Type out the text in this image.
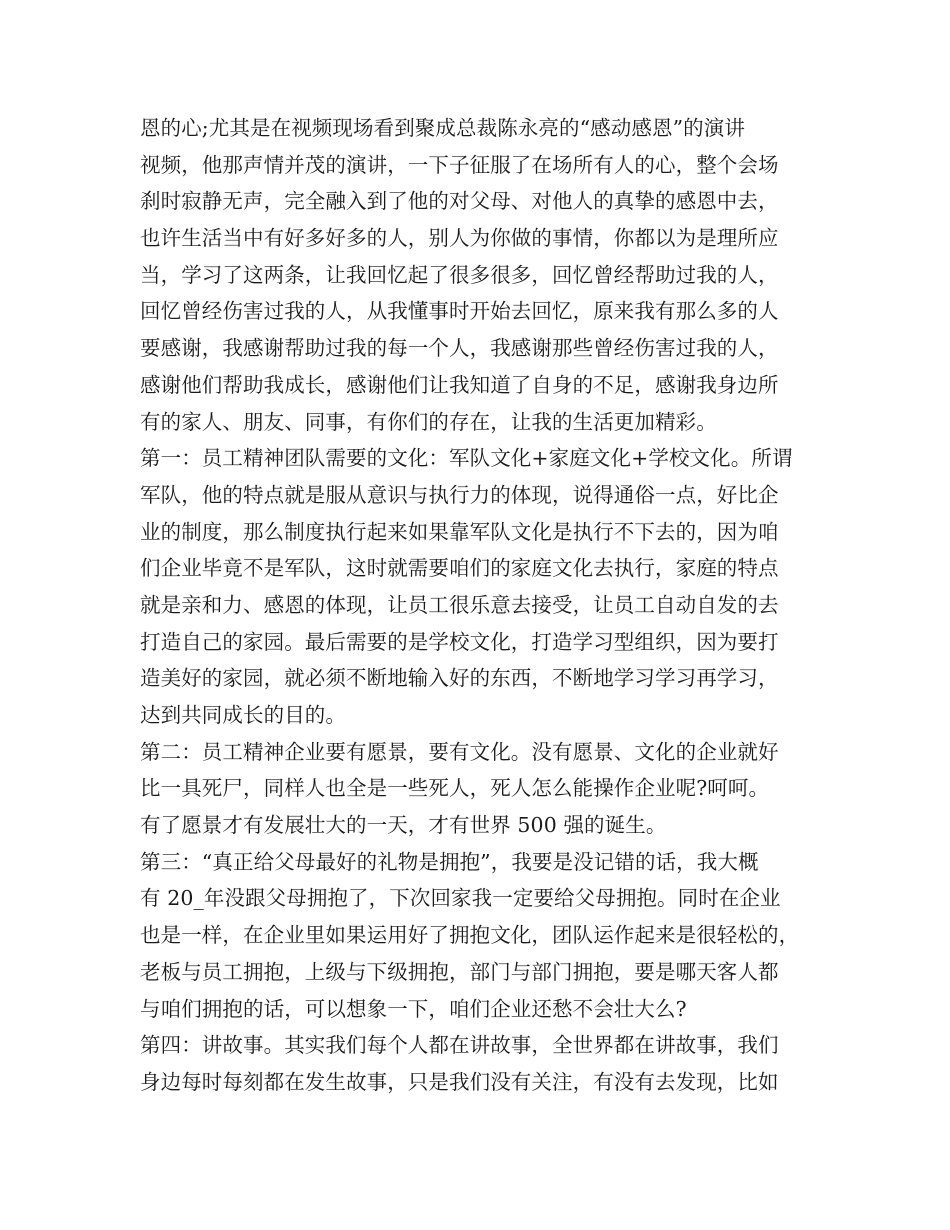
恩的心;尤其是在视频现场看到聚成总裁陈永亮的“感动感恩”的演讲
视频，他那声情并茂的演讲，一下子征服了在场所有人的心，整个会场
刹时寂静无声，完全融入到了他的对父母、对他人的真挚的感恩中去，
也许生活当中有好多好多的人，别人为你做的事情，你都以为是理所应
当，学习了这两条，让我回忆起了很多很多，回忆曾经帮助过我的人，
回忆曾经伤害过我的人，从我懂事时开始去回忆，原来我有那么多的人
要感谢，我感谢帮助过我的每一个人，我感谢那些曾经伤害过我的人，
感谢他们帮助我成长，感谢他们让我知道了自身的不足，感谢我身边所
有的家人、朋友、同事，有你们的存在，让我的生活更加精彩。
第一：员工精神团队需要的文化：军队文化+家庭文化+学校文化。所谓
军队，他的特点就是服从意识与执行力的体现，说得通俗一点，好比企
业的制度，那么制度执行起来如果靠军队文化是执行不下去的，因为咱
们企业毕竟不是军队，这时就需要咱们的家庭文化去执行，家庭的特点
就是亲和力、感恩的体现，让员工很乐意去接受，让员工自动自发的去
打造自己的家园。最后需要的是学校文化，打造学习型组织，因为要打
造美好的家园，就必须不断地输入好的东西，不断地学习学习再学习，
达到共同成长的目的。
第二：员工精神企业要有愿景，要有文化。没有愿景、文化的企业就好
比一具死尸，同样人也全是一些死人，死人怎么能操作企业呢?呵呵。
有了愿景才有发展壮大的一天，才有世界 500 强的诞生。
第三：“真正给父母最好的礼物是拥抱”，我要是没记错的话，我大概
有 20_年没跟父母拥抱了，下次回家我一定要给父母拥抱。同时在企业
也是一样，在企业里如果运用好了拥抱文化，团队运作起来是很轻松的，
老板与员工拥抱，上级与下级拥抱，部门与部门拥抱，要是哪天客人都
与咱们拥抱的话，可以想象一下，咱们企业还愁不会壮大么?
第四：讲故事。其实我们每个人都在讲故事，全世界都在讲故事，我们
身边每时每刻都在发生故事，只是我们没有关注，有没有去发现，比如
